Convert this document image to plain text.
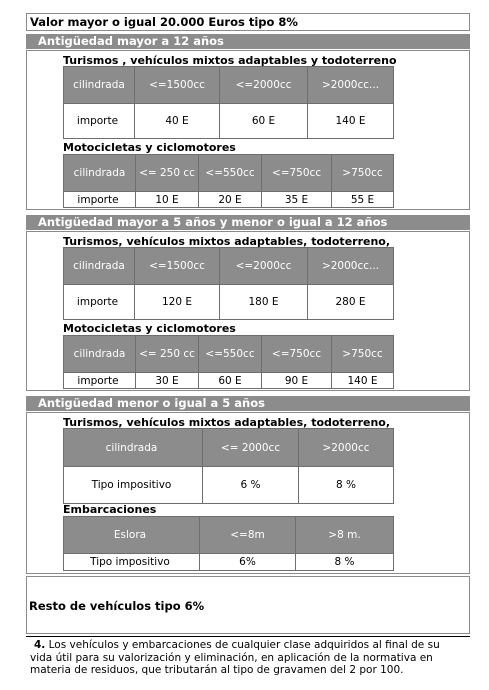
Valor mayor o igual 20.000 Euros tipo 8%
Antigüedad mayor a 12 años
Turismos , vehículos mixtos adaptables y todoterreno
cilindrada	<=1500cc	<=2000cc	>2000cc...
importe	40 E	60 E	140 E
Motocicletas y ciclomotores
cilindrada	<= 250 cc	<=550cc	<=750cc	>750cc
importe	10 E	20 E	35 E	55 E
Antigüedad mayor a 5 años y menor o igual a 12 años
Turismos, vehículos mixtos adaptables, todoterreno,
cilindrada	<=1500cc	<=2000cc	>2000cc...
importe	120 E	180 E	280 E
Motocicletas y ciclomotores
cilindrada	<= 250 cc	<=550cc	<=750cc	>750cc
importe	30 E	60 E	90 E	140 E
Antigüedad menor o igual a 5 años
Turismos, vehículos mixtos adaptables, todoterreno,
cilindrada	<= 2000cc	>2000cc
Tipo impositivo	6 %	8 %
Embarcaciones
Eslora	<=8m	>8 m.
Tipo impositivo	6%	8 %
Resto de vehículos tipo 6%
4. Los vehículos y embarcaciones de cualquier clase adquiridos al final de su
vida útil para su valorización y eliminación, en aplicación de la normativa en
materia de residuos, que tributarán al tipo de gravamen del 2 por 100.
